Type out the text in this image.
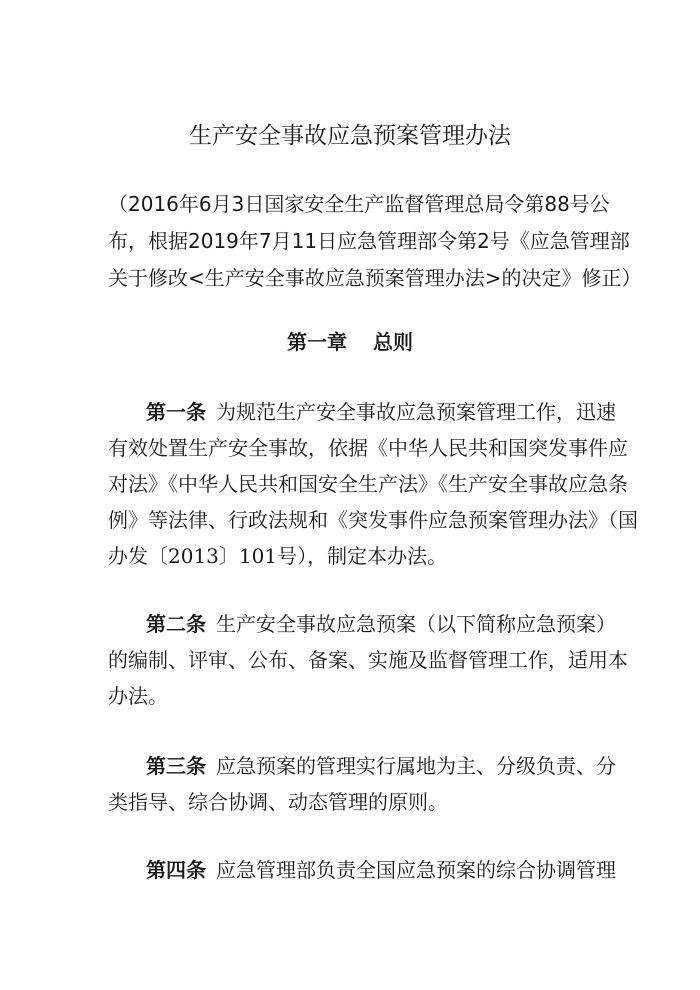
生产安全事故应急预案管理办法
（2016年6月3日国家安全生产监督管理总局令第88号公
布，根据2019年7月11日应急管理部令第2号《应急管理部
关于修改<生产安全事故应急预案管理办法>的决定》修正）
第一章 总则
第一条 为规范生产安全事故应急预案管理工作，迅速
有效处置生产安全事故，依据《中华人民共和国突发事件应
对法》《中华人民共和国安全生产法》《生产安全事故应急条
例》等法律、行政法规和《突发事件应急预案管理办法》（国
办发〔2013〕101号），制定本办法。
第二条 生产安全事故应急预案（以下简称应急预案）
的编制、评审、公布、备案、实施及监督管理工作，适用本
办法。
第三条 应急预案的管理实行属地为主、分级负责、分
类指导、综合协调、动态管理的原则。
第四条 应急管理部负责全国应急预案的综合协调管理
